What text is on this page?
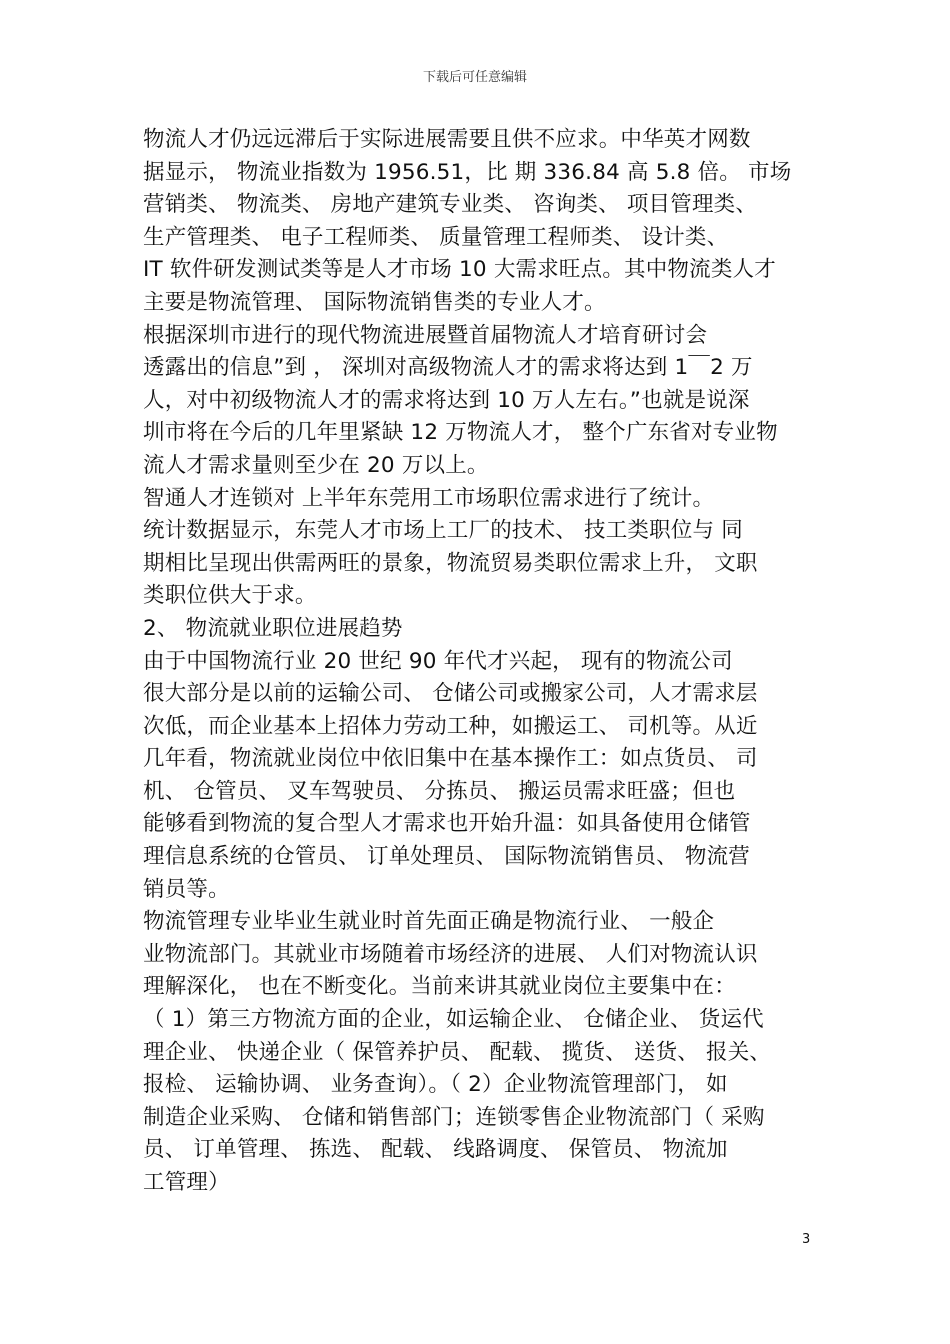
下载后可任意编辑
物流人才仍远远滞后于实际进展需要且供不应求。中华英才网数
据显示， 物流业指数为 1956.51，比 期 336.84 高 5.8 倍。 市场
营销类、 物流类、 房地产建筑专业类、 咨询类、 项目管理类、
生产管理类、 电子工程师类、 质量管理工程师类、 设计类、
IT 软件研发测试类等是人才市场 10 大需求旺点。其中物流类人才
主要是物流管理、 国际物流销售类的专业人才。
根据深圳市进行的现代物流进展暨首届物流人才培育研讨会
透露出的信息”到 ， 深圳对高级物流人才的需求将达到 1￣2 万
人，对中初级物流人才的需求将达到 10 万人左右。”也就是说深
圳市将在今后的几年里紧缺 12 万物流人才， 整个广东省对专业物
流人才需求量则至少在 20 万以上。
智通人才连锁对 上半年东莞用工市场职位需求进行了统计。
统计数据显示，东莞人才市场上工厂的技术、 技工类职位与 同
期相比呈现出供需两旺的景象，物流贸易类职位需求上升， 文职
类职位供大于求。
2、 物流就业职位进展趋势
由于中国物流行业 20 世纪 90 年代才兴起， 现有的物流公司
很大部分是以前的运输公司、 仓储公司或搬家公司，人才需求层
次低，而企业基本上招体力劳动工种，如搬运工、 司机等。从近
几年看，物流就业岗位中依旧集中在基本操作工：如点货员、 司
机、 仓管员、 叉车驾驶员、 分拣员、 搬运员需求旺盛；但也
能够看到物流的复合型人才需求也开始升温：如具备使用仓储管
理信息系统的仓管员、 订单处理员、 国际物流销售员、 物流营
销员等。
物流管理专业毕业生就业时首先面正确是物流行业、 一般企
业物流部门。其就业市场随着市场经济的进展、 人们对物流认识
理解深化， 也在不断变化。当前来讲其就业岗位主要集中在：
（ 1）第三方物流方面的企业，如运输企业、 仓储企业、 货运代
理企业、 快递企业（ 保管养护员、 配载、 揽货、 送货、 报关、
报检、 运输协调、 业务查询）。（ 2）企业物流管理部门， 如
制造企业采购、 仓储和销售部门；连锁零售企业物流部门（ 采购
员、 订单管理、 拣选、 配载、 线路调度、 保管员、 物流加
工管理）
3
